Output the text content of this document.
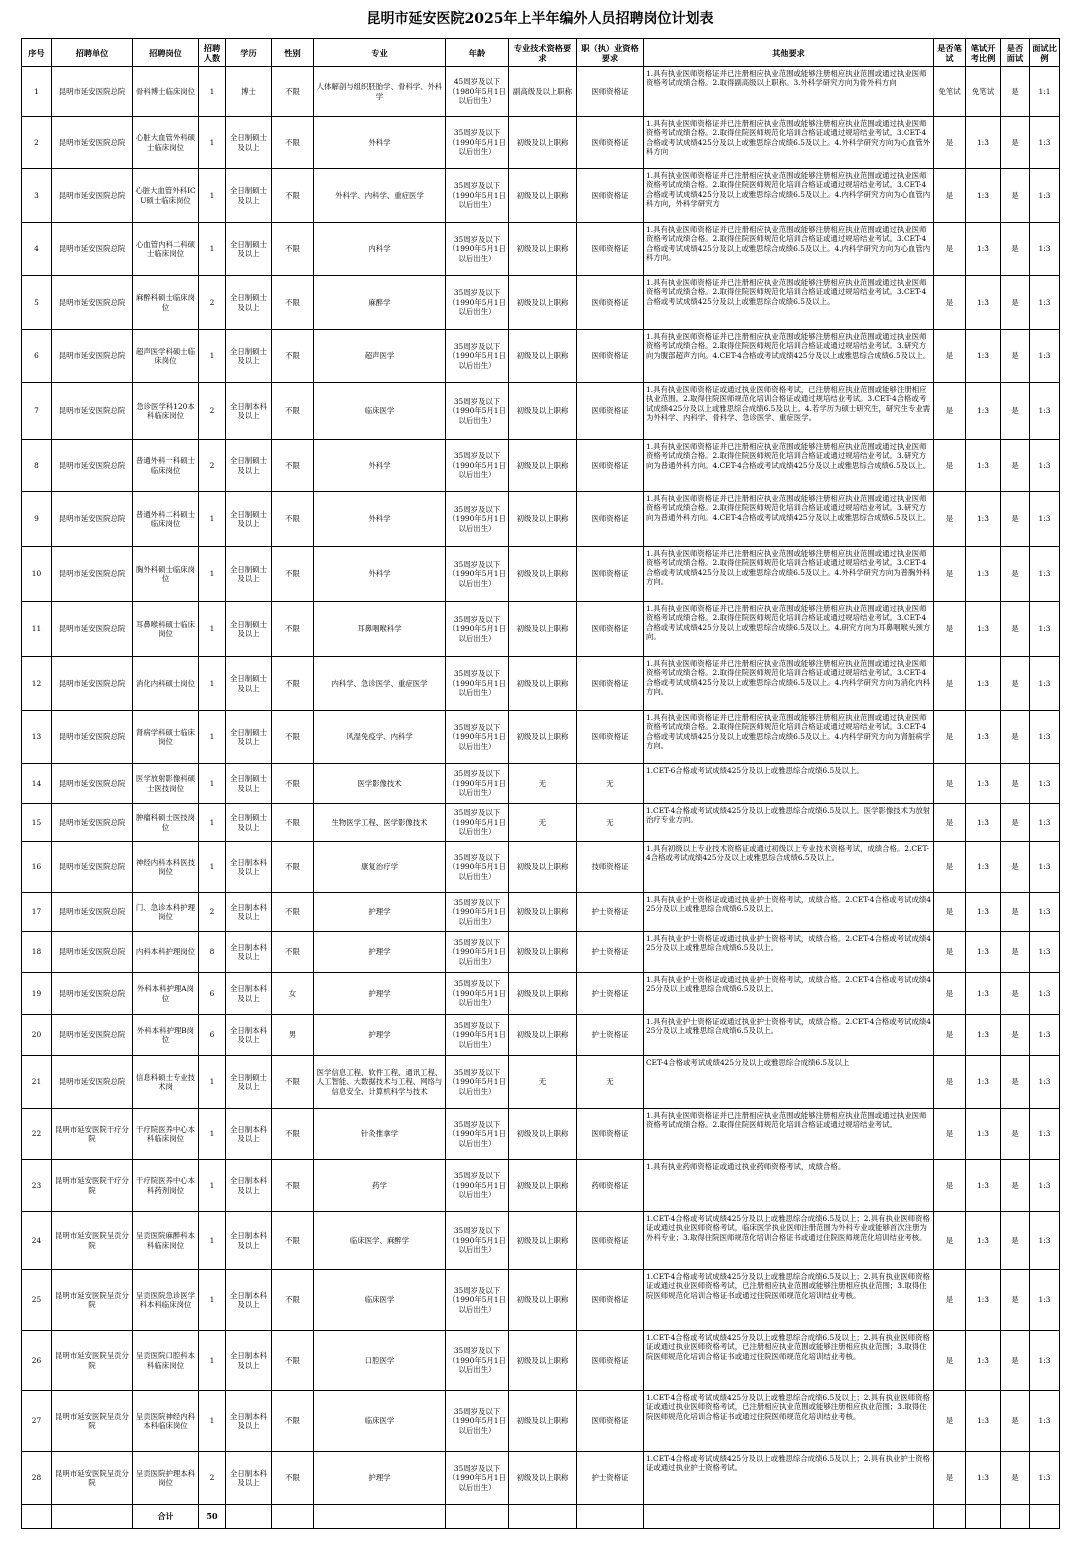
昆明市延安医院2025年上半年编外人员招聘岗位计划表
序号	招聘单位	招聘岗位	招聘人数	学历	性别	专业	年龄	专业技术资格要求	职（执）业资格要求	其他要求	是否笔试	笔试开考比例	是否面试	面试比例
1	昆明市延安医院总院	骨科博士临床岗位	1	博士	不限	人体解剖与组织胚胎学、骨科学、外科学	45周岁及以下（1980年5月1日以后出生）	副高级及以上职称	医师资格证	1.具有执业医师资格证并已注册相应执业范围或能够注册相应执业范围或通过执业医师资格考试成绩合格。2.取得副高级以上职称。3.外科学研究方向为骨外科方向	免笔试	免笔试	是	1:1
2	昆明市延安医院总院	心脏大血管外科硕士临床岗位	1	全日制硕士及以上	不限	外科学	35周岁及以下（1990年5月1日以后出生）	初级及以上职称	医师资格证	1.具有执业医师资格证并已注册相应执业范围或能够注册相应执业范围或通过执业医师资格考试成绩合格。2.取得住院医师规范化培训合格证或通过规培结业考试。3.CET-4合格或考试成绩425分及以上或雅思综合成绩6.5及以上。4.外科学研究方向为心血管外科方向	是	1:3	是	1:3
3	昆明市延安医院总院	心脏大血管外科ICU硕士临床岗位	1	全日制硕士及以上	不限	外科学、内科学、重症医学	35周岁及以下（1990年5月1日以后出生）	初级及以上职称	医师资格证	1.具有执业医师资格证并已注册相应执业范围或能够注册相应执业范围或通过执业医师资格考试成绩合格。2.取得住院医师规范化培训合格证或通过规培结业考试。3.CET-4合格或考试成绩425分及以上或雅思综合成绩6.5及以上。4.内科学研究方向为心血管内科方向，外科学研究方	是	1:3	是	1:3
4	昆明市延安医院总院	心血管内科二科硕士临床岗位	1	全日制硕士及以上	不限	内科学	35周岁及以下（1990年5月1日以后出生）	初级及以上职称	医师资格证	1.具有执业医师资格证并已注册相应执业范围或能够注册相应执业范围或通过执业医师资格考试成绩合格。2.取得住院医师规范化培训合格证或通过规培结业考试。3.CET-4合格或考试成绩425分及以上或雅思综合成绩6.5及以上。4.内科学研究方向为心血管内科方向。	是	1:3	是	1:3
5	昆明市延安医院总院	麻醉科硕士临床岗位	2	全日制硕士及以上	不限	麻醉学	35周岁及以下（1990年5月1日以后出生）	初级及以上职称	医师资格证	1.具有执业医师资格证并已注册相应执业范围或能够注册相应执业范围或通过执业医师资格考试成绩合格。2.取得住院医师规范化培训合格证或通过规培结业考试。3.CET-4合格或考试成绩425分及以上或雅思综合成绩6.5及以上。	是	1:3	是	1:3
6	昆明市延安医院总院	超声医学科硕士临床岗位	1	全日制硕士及以上	不限	超声医学	35周岁及以下（1990年5月1日以后出生）	初级及以上职称	医师资格证	1.具有执业医师资格证并已注册相应执业范围或能够注册相应执业范围或通过执业医师资格考试成绩合格。2.取得住院医师规范化培训合格证或通过规培结业考试。3.研究方向为腹部超声方向。4.CET-4合格或考试成绩425分及以上或雅思综合成绩6.5及以上。	是	1:3	是	1:3
7	昆明市延安医院总院	急诊医学科120本科临床岗位	2	全日制本科及以上	不限	临床医学	35周岁及以下（1990年5月1日以后出生）	初级及以上职称	医师资格证	1.具有执业医师资格证或通过执业医师资格考试，已注册相应执业范围或能够注册相应执业范围。2.取得住院医师规范化培训合格证或通过规培结业考试。3.CET-4合格或考试成绩425分及以上或雅思综合成绩6.5及以上。4.若学历为硕士研究生，研究生专业需为外科学、内科学、骨科学、急诊医学、重症医学。	是	1:3	是	1:3
8	昆明市延安医院总院	普通外科一科硕士临床岗位	2	全日制硕士及以上	不限	外科学	35周岁及以下（1990年5月1日以后出生）	初级及以上职称	医师资格证	1.具有执业医师资格证并已注册相应执业范围或能够注册相应执业范围或通过执业医师资格考试成绩合格。2.取得住院医师规范化培训合格证或通过规培结业考试。3.研究方向为普通外科方向。4.CET-4合格或考试成绩425分及以上或雅思综合成绩6.5及以上。	是	1:3	是	1:3
9	昆明市延安医院总院	普通外科二科硕士临床岗位	1	全日制硕士及以上	不限	外科学	35周岁及以下（1990年5月1日以后出生）	初级及以上职称	医师资格证	1.具有执业医师资格证并已注册相应执业范围或能够注册相应执业范围或通过执业医师资格考试成绩合格。2.取得住院医师规范化培训合格证或通过规培结业考试。3.研究方向为普通外科方向。4.CET-4合格或考试成绩425分及以上或雅思综合成绩6.5及以上。	是	1:3	是	1:3
10	昆明市延安医院总院	胸外科硕士临床岗位	1	全日制硕士及以上	不限	外科学	35周岁及以下（1990年5月1日以后出生）	初级及以上职称	医师资格证	1.具有执业医师资格证并已注册相应执业范围或能够注册相应执业范围或通过执业医师资格考试成绩合格。2.取得住院医师规范化培训合格证或通过规培结业考试。3.CET-4合格或考试成绩425分及以上或雅思综合成绩6.5及以上。4.外科学研究方向为普胸外科方向。	是	1:3	是	1:3
11	昆明市延安医院总院	耳鼻喉科硕士临床岗位	1	全日制硕士及以上	不限	耳鼻咽喉科学	35周岁及以下（1990年5月1日以后出生）	初级及以上职称	医师资格证	1.具有执业医师资格证并已注册相应执业范围或能够注册相应执业范围或通过执业医师资格考试成绩合格。2.取得住院医师规范化培训合格证或通过规培结业考试。3.CET-4合格或考试成绩425分及以上或雅思综合成绩6.5及以上。4.研究方向为耳鼻咽喉头颈方向。	是	1:3	是	1:3
12	昆明市延安医院总院	消化内科硕士岗位	1	全日制硕士及以上	不限	内科学、急诊医学、重症医学	35周岁及以下（1990年5月1日以后出生）	初级及以上职称	医师资格证	1.具有执业医师资格证并已注册相应执业范围或能够注册相应执业范围或通过执业医师资格考试成绩合格。2.取得住院医师规范化培训合格证或通过规培结业考试。3.CET-4合格或考试成绩425分及以上或雅思综合成绩6.5及以上。4.内科学研究方向为消化内科方向。	是	1:3	是	1:3
13	昆明市延安医院总院	肾病学科硕士临床岗位	1	全日制硕士及以上	不限	风湿免疫学、内科学	35周岁及以下（1990年5月1日以后出生）	初级及以上职称	医师资格证	1.具有执业医师资格证并已注册相应执业范围或能够注册相应执业范围或通过执业医师资格考试成绩合格。2.取得住院医师规范化培训合格证或通过规培结业考试。3.CET-4合格或考试成绩425分及以上或雅思综合成绩6.5及以上。4.内科学研究方向为肾脏病学方向。	是	1:3	是	1:3
14	昆明市延安医院总院	医学放射影像科硕士医技岗位	1	全日制硕士及以上	不限	医学影像技术	35周岁及以下（1990年5月1日以后出生）	无	无	1.CET-6合格或考试成绩425分及以上或雅思综合成绩6.5及以上。	是	1:3	是	1:3
15	昆明市延安医院总院	肿瘤科硕士医技岗位	1	全日制硕士及以上	不限	生物医学工程、医学影像技术	35周岁及以下（1990年5月1日以后出生）	无	无	1.CET-4合格或考试成绩425分及以上或雅思综合成绩6.5及以上。医学影像技术为放射治疗专业方向。	是	1:3	是	1:3
16	昆明市延安医院总院	神经内科本科医技岗位	1	全日制本科及以上	不限	康复治疗学	35周岁及以下（1990年5月1日以后出生）	初级及以上职称	技师资格证	1.具有初级以上专业技术资格证或通过初级以上专业技术资格考试，成绩合格。2.CET-4合格或考试成绩425分及以上或雅思综合成绩6.5及以上。	是	1:3	是	1:3
17	昆明市延安医院总院	门、急诊本科护理岗位	2	全日制本科及以上	不限	护理学	35周岁及以下（1990年5月1日以后出生）	初级及以上职称	护士资格证	1.具有执业护士资格证或通过执业护士资格考试，成绩合格。2.CET-4合格或考试成绩425分及以上或雅思综合成绩6.5及以上。	是	1:3	是	1:3
18	昆明市延安医院总院	内科本科护理岗位	8	全日制本科及以上	不限	护理学	35周岁及以下（1990年5月1日以后出生）	初级及以上职称	护士资格证	1.具有执业护士资格证或通过执业护士资格考试，成绩合格。2.CET-4合格或考试成绩425分及以上或雅思综合成绩6.5及以上。	是	1:3	是	1:3
19	昆明市延安医院总院	外科本科护理A岗位	6	全日制本科及以上	女	护理学	35周岁及以下（1990年5月1日以后出生）	初级及以上职称	护士资格证	1.具有执业护士资格证或通过执业护士资格考试，成绩合格。2.CET-4合格或考试成绩425分及以上或雅思综合成绩6.5及以上。	是	1:3	是	1:3
20	昆明市延安医院总院	外科本科护理B岗位	6	全日制本科及以上	男	护理学	35周岁及以下（1990年5月1日以后出生）	初级及以上职称	护士资格证	1.具有执业护士资格证或通过执业护士资格考试，成绩合格。2.CET-4合格或考试成绩425分及以上或雅思综合成绩6.5及以上。	是	1:3	是	1:3
21	昆明市延安医院总院	信息科硕士专业技术岗	1	全日制硕士及以上	不限	医学信息工程、软件工程、通讯工程、人工智能、大数据技术与工程、网络与信息安全、计算机科学与技术	35周岁及以下（1990年5月1日以后出生）	无	无	CET-4合格或考试成绩425分及以上或雅思综合成绩6.5及以上	是	1:3	是	1:3
22	昆明市延安医院干疗分院	干疗院医养中心本科临床岗位	1	全日制本科及以上	不限	针灸推拿学	35周岁及以下（1990年5月1日以后出生）	初级及以上职称	医师资格证	1.具有执业医师资格证并已注册相应执业范围或能够注册相应执业范围或通过执业医师资格考试成绩合格。2.取得住院医师规范化培训合格证或通过规培结业考试。	是	1:3	是	1:3
23	昆明市延安医院干疗分院	干疗院医养中心本科药剂岗位	1	全日制本科及以上	不限	药学	35周岁及以下（1990年5月1日以后出生）	初级及以上职称	药师资格证	1.具有执业药师资格证或通过执业药师资格考试，成绩合格。	是	1:3	是	1:3
24	昆明市延安医院呈贡分院	呈贡医院麻醉科本科临床岗位	1	全日制本科及以上	不限	临床医学、麻醉学	35周岁及以下（1990年5月1日以后出生）	初级及以上职称	医师资格证	1.CET-4合格或考试成绩425分及以上或雅思综合成绩6.5及以上；2.具有执业医师资格证或通过执业医师资格考试，临床医学执业医师注册范围为外科专业或能够首次注册为外科专业；3.取得住院医师规范化培训合格证书或通过住院医师规范化培训结业考核。	是	1:3	是	1:3
25	昆明市延安医院呈贡分院	呈贡医院急诊医学科本科临床岗位	1	全日制本科及以上	不限	临床医学	35周岁及以下（1990年5月1日以后出生）	初级及以上职称	医师资格证	1.CET-4合格或考试成绩425分及以上或雅思综合成绩6.5及以上；2.具有执业医师资格证或通过执业医师资格考试，已注册相应执业范围或能够注册相应执业范围；3.取得住院医师规范化培训合格证书或通过住院医师规范化培训结业考核。	是	1:3	是	1:3
26	昆明市延安医院呈贡分院	呈贡医院口腔科本科临床岗位	1	全日制本科及以上	不限	口腔医学	35周岁及以下（1990年5月1日以后出生）	初级及以上职称	医师资格证	1.CET-4合格或考试成绩425分及以上或雅思综合成绩6.5及以上；2.具有执业医师资格证或通过执业医师资格考试，已注册相应执业范围或能够注册相应执业范围；3.取得住院医师规范化培训合格证书或通过住院医师规范化培训结业考核。	是	1:3	是	1:3
27	昆明市延安医院呈贡分院	呈贡医院神经内科本科临床岗位	1	全日制本科及以上	不限	临床医学	35周岁及以下（1990年5月1日以后出生）	初级及以上职称	医师资格证	1.CET-4合格或考试成绩425分及以上或雅思综合成绩6.5及以上；2.具有执业医师资格证或通过执业医师资格考试，已注册相应执业范围或能够注册相应执业范围；3.取得住院医师规范化培训合格证书或通过住院医师规范化培训结业考核。	是	1:3	是	1:3
28	昆明市延安医院呈贡分院	呈贡医院护理本科岗位	2	全日制本科及以上	不限	护理学	35周岁及以下（1990年5月1日以后出生）	初级及以上职称	护士资格证	1.CET-4合格或考试成绩425分及以上或雅思综合成绩6.5及以上；2.具有执业护士资格证或通过执业护士资格考试。	是	1:3	是	1:3
		合计	50											
